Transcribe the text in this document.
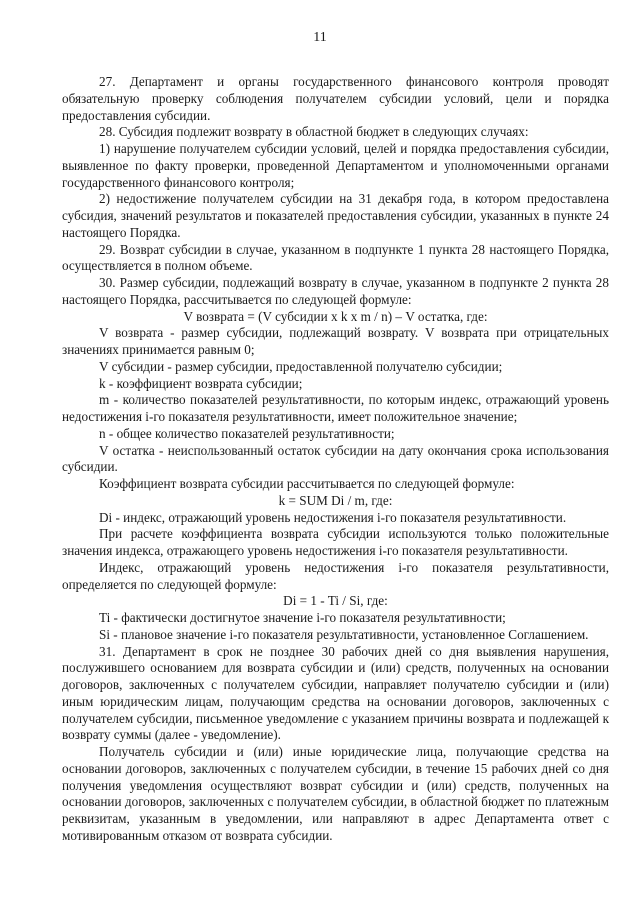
11

27. Департамент и органы государственного финансового контроля проводят обязательную проверку соблюдения получателем субсидии условий, цели и порядка предоставления субсидии.

28. Субсидия подлежит возврату в областной бюджет в следующих случаях:

1) нарушение получателем субсидии условий, целей и порядка предоставления субсидии, выявленное по факту проверки, проведенной Департаментом и уполномоченными органами государственного финансового контроля;

2) недостижение получателем субсидии на 31 декабря года, в котором предоставлена субсидия, значений результатов и показателей предоставления субсидии, указанных в пункте 24 настоящего Порядка.

29. Возврат субсидии в случае, указанном в подпункте 1 пункта 28 настоящего Порядка, осуществляется в полном объеме.

30. Размер субсидии, подлежащий возврату в случае, указанном в подпункте 2 пункта 28 настоящего Порядка, рассчитывается по следующей формуле:

V возврата = (V субсидии x k x m / n) – V остатка, где:

V возврата - размер субсидии, подлежащий возврату. V возврата при отрицательных значениях принимается равным 0;

V субсидии - размер субсидии, предоставленной получателю субсидии;

k - коэффициент возврата субсидии;

m - количество показателей результативности, по которым индекс, отражающий уровень недостижения i-го показателя результативности, имеет положительное значение;

n - общее количество показателей результативности;

V остатка - неиспользованный остаток субсидии на дату окончания срока использования субсидии.

Коэффициент возврата субсидии рассчитывается по следующей формуле:

k = SUM Di / m, где:

Di - индекс, отражающий уровень недостижения i-го показателя результативности.

При расчете коэффициента возврата субсидии используются только положительные значения индекса, отражающего уровень недостижения i-го показателя результативности.

Индекс, отражающий уровень недостижения i-го показателя результативности, определяется по следующей формуле:

Di = 1 - Ti / Si, где:

Ti - фактически достигнутое значение i-го показателя результативности;

Si - плановое значение i-го показателя результативности, установленное Соглашением.

31. Департамент в срок не позднее 30 рабочих дней со дня выявления нарушения, послужившего основанием для возврата субсидии и (или) средств, полученных на основании договоров, заключенных с получателем субсидии, направляет получателю субсидии и (или) иным юридическим лицам, получающим средства на основании договоров, заключенных с получателем субсидии, письменное уведомление с указанием причины возврата и подлежащей к возврату суммы (далее - уведомление).

Получатель субсидии и (или) иные юридические лица, получающие средства на основании договоров, заключенных с получателем субсидии, в течение 15 рабочих дней со дня получения уведомления осуществляют возврат субсидии и (или) средств, полученных на основании договоров, заключенных с получателем субсидии, в областной бюджет по платежным реквизитам, указанным в уведомлении, или направляют в адрес Департамента ответ с мотивированным отказом от возврата субсидии.
